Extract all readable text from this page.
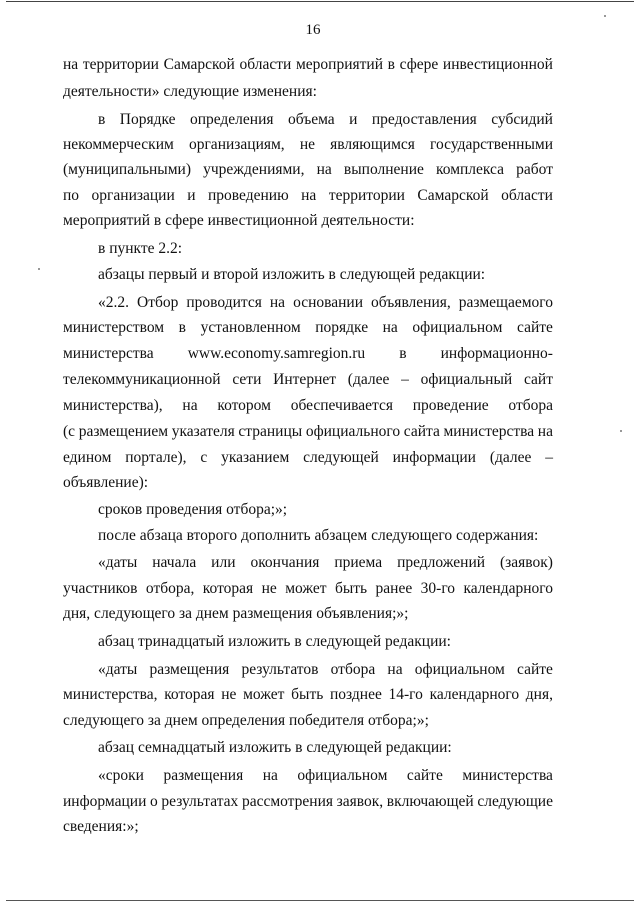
16

на территории Самарской области мероприятий в сфере инвестиционной

деятельности» следующие изменения:

в Порядке определения объема и предоставления субсидий

некоммерческим организациям, не являющимся государственными

(муниципальными) учреждениями, на выполнение комплекса работ

по организации и проведению на территории Самарской области

мероприятий в сфере инвестиционной деятельности:

в пункте 2.2:

абзацы первый и второй изложить в следующей редакции:

«2.2. Отбор проводится на основании объявления, размещаемого

министерством в установленном порядке на официальном сайте

министерства www.economy.samregion.ru в информационно-

телекоммуникационной сети Интернет (далее – официальный сайт

министерства), на котором обеспечивается проведение отбора

(с размещением указателя страницы официального сайта министерства на

едином портале), с указанием следующей информации (далее –

объявление):

сроков проведения отбора;»;

после абзаца второго дополнить абзацем следующего содержания:

«даты начала или окончания приема предложений (заявок)

участников отбора, которая не может быть ранее 30-го календарного

дня, следующего за днем размещения объявления;»;

абзац тринадцатый изложить в следующей редакции:

«даты размещения результатов отбора на официальном сайте

министерства, которая не может быть позднее 14-го календарного дня,

следующего за днем определения победителя отбора;»;

абзац семнадцатый изложить в следующей редакции:

«сроки размещения на официальном сайте министерства

информации о результатах рассмотрения заявок, включающей следующие

сведения:»;
